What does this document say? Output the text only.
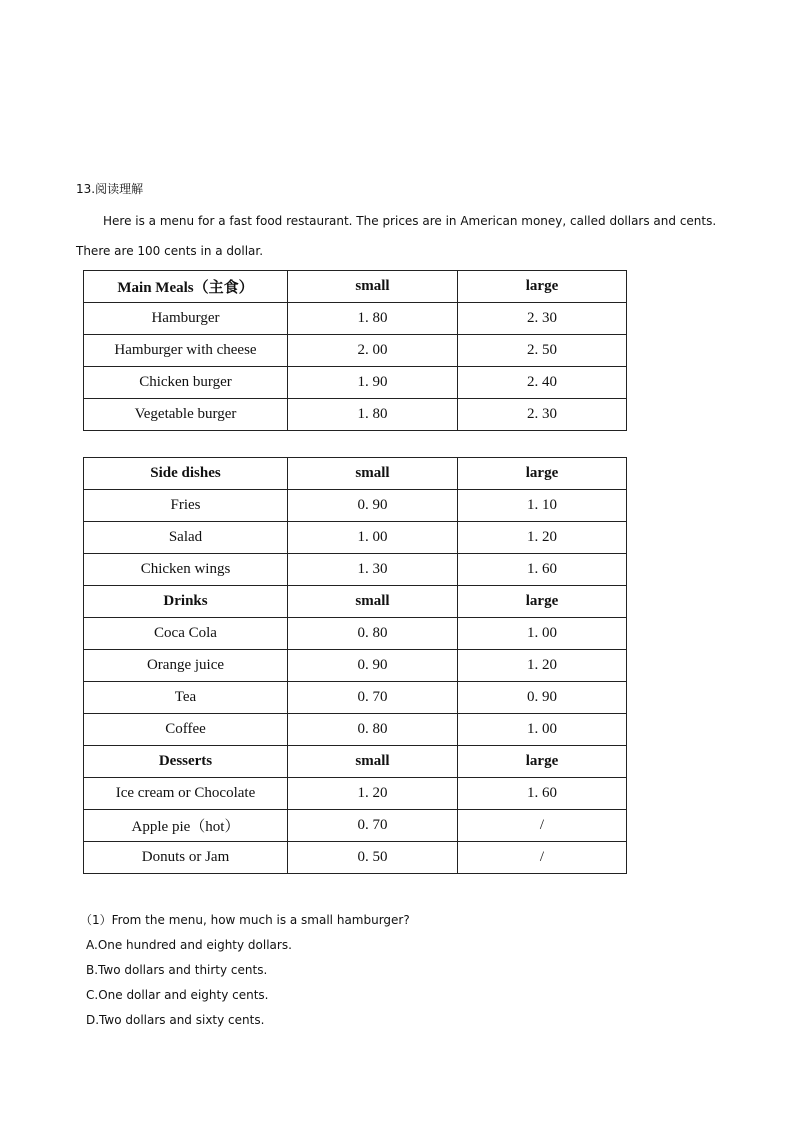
13.阅读理解
Here is a menu for a fast food restaurant. The prices are in American money, called dollars and cents. There are 100 cents in a dollar.
Main Meals（主食）	small	large
Hamburger	1. 80	2. 30
Hamburger with cheese	2. 00	2. 50
Chicken burger	1. 90	2. 40
Vegetable burger	1. 80	2. 30
Side dishes	small	large
Fries	0. 90	1. 10
Salad	1. 00	1. 20
Chicken wings	1. 30	1. 60
Drinks	small	large
Coca Cola	0. 80	1. 00
Orange juice	0. 90	1. 20
Tea	0. 70	0. 90
Coffee	0. 80	1. 00
Desserts	small	large
Ice cream or Chocolate	1. 20	1. 60
Apple pie（hot）	0. 70	/
Donuts or Jam	0. 50	/
（1）From the menu, how much is a small hamburger?
A.One hundred and eighty dollars.
B.Two dollars and thirty cents.
C.One dollar and eighty cents.
D.Two dollars and sixty cents.
